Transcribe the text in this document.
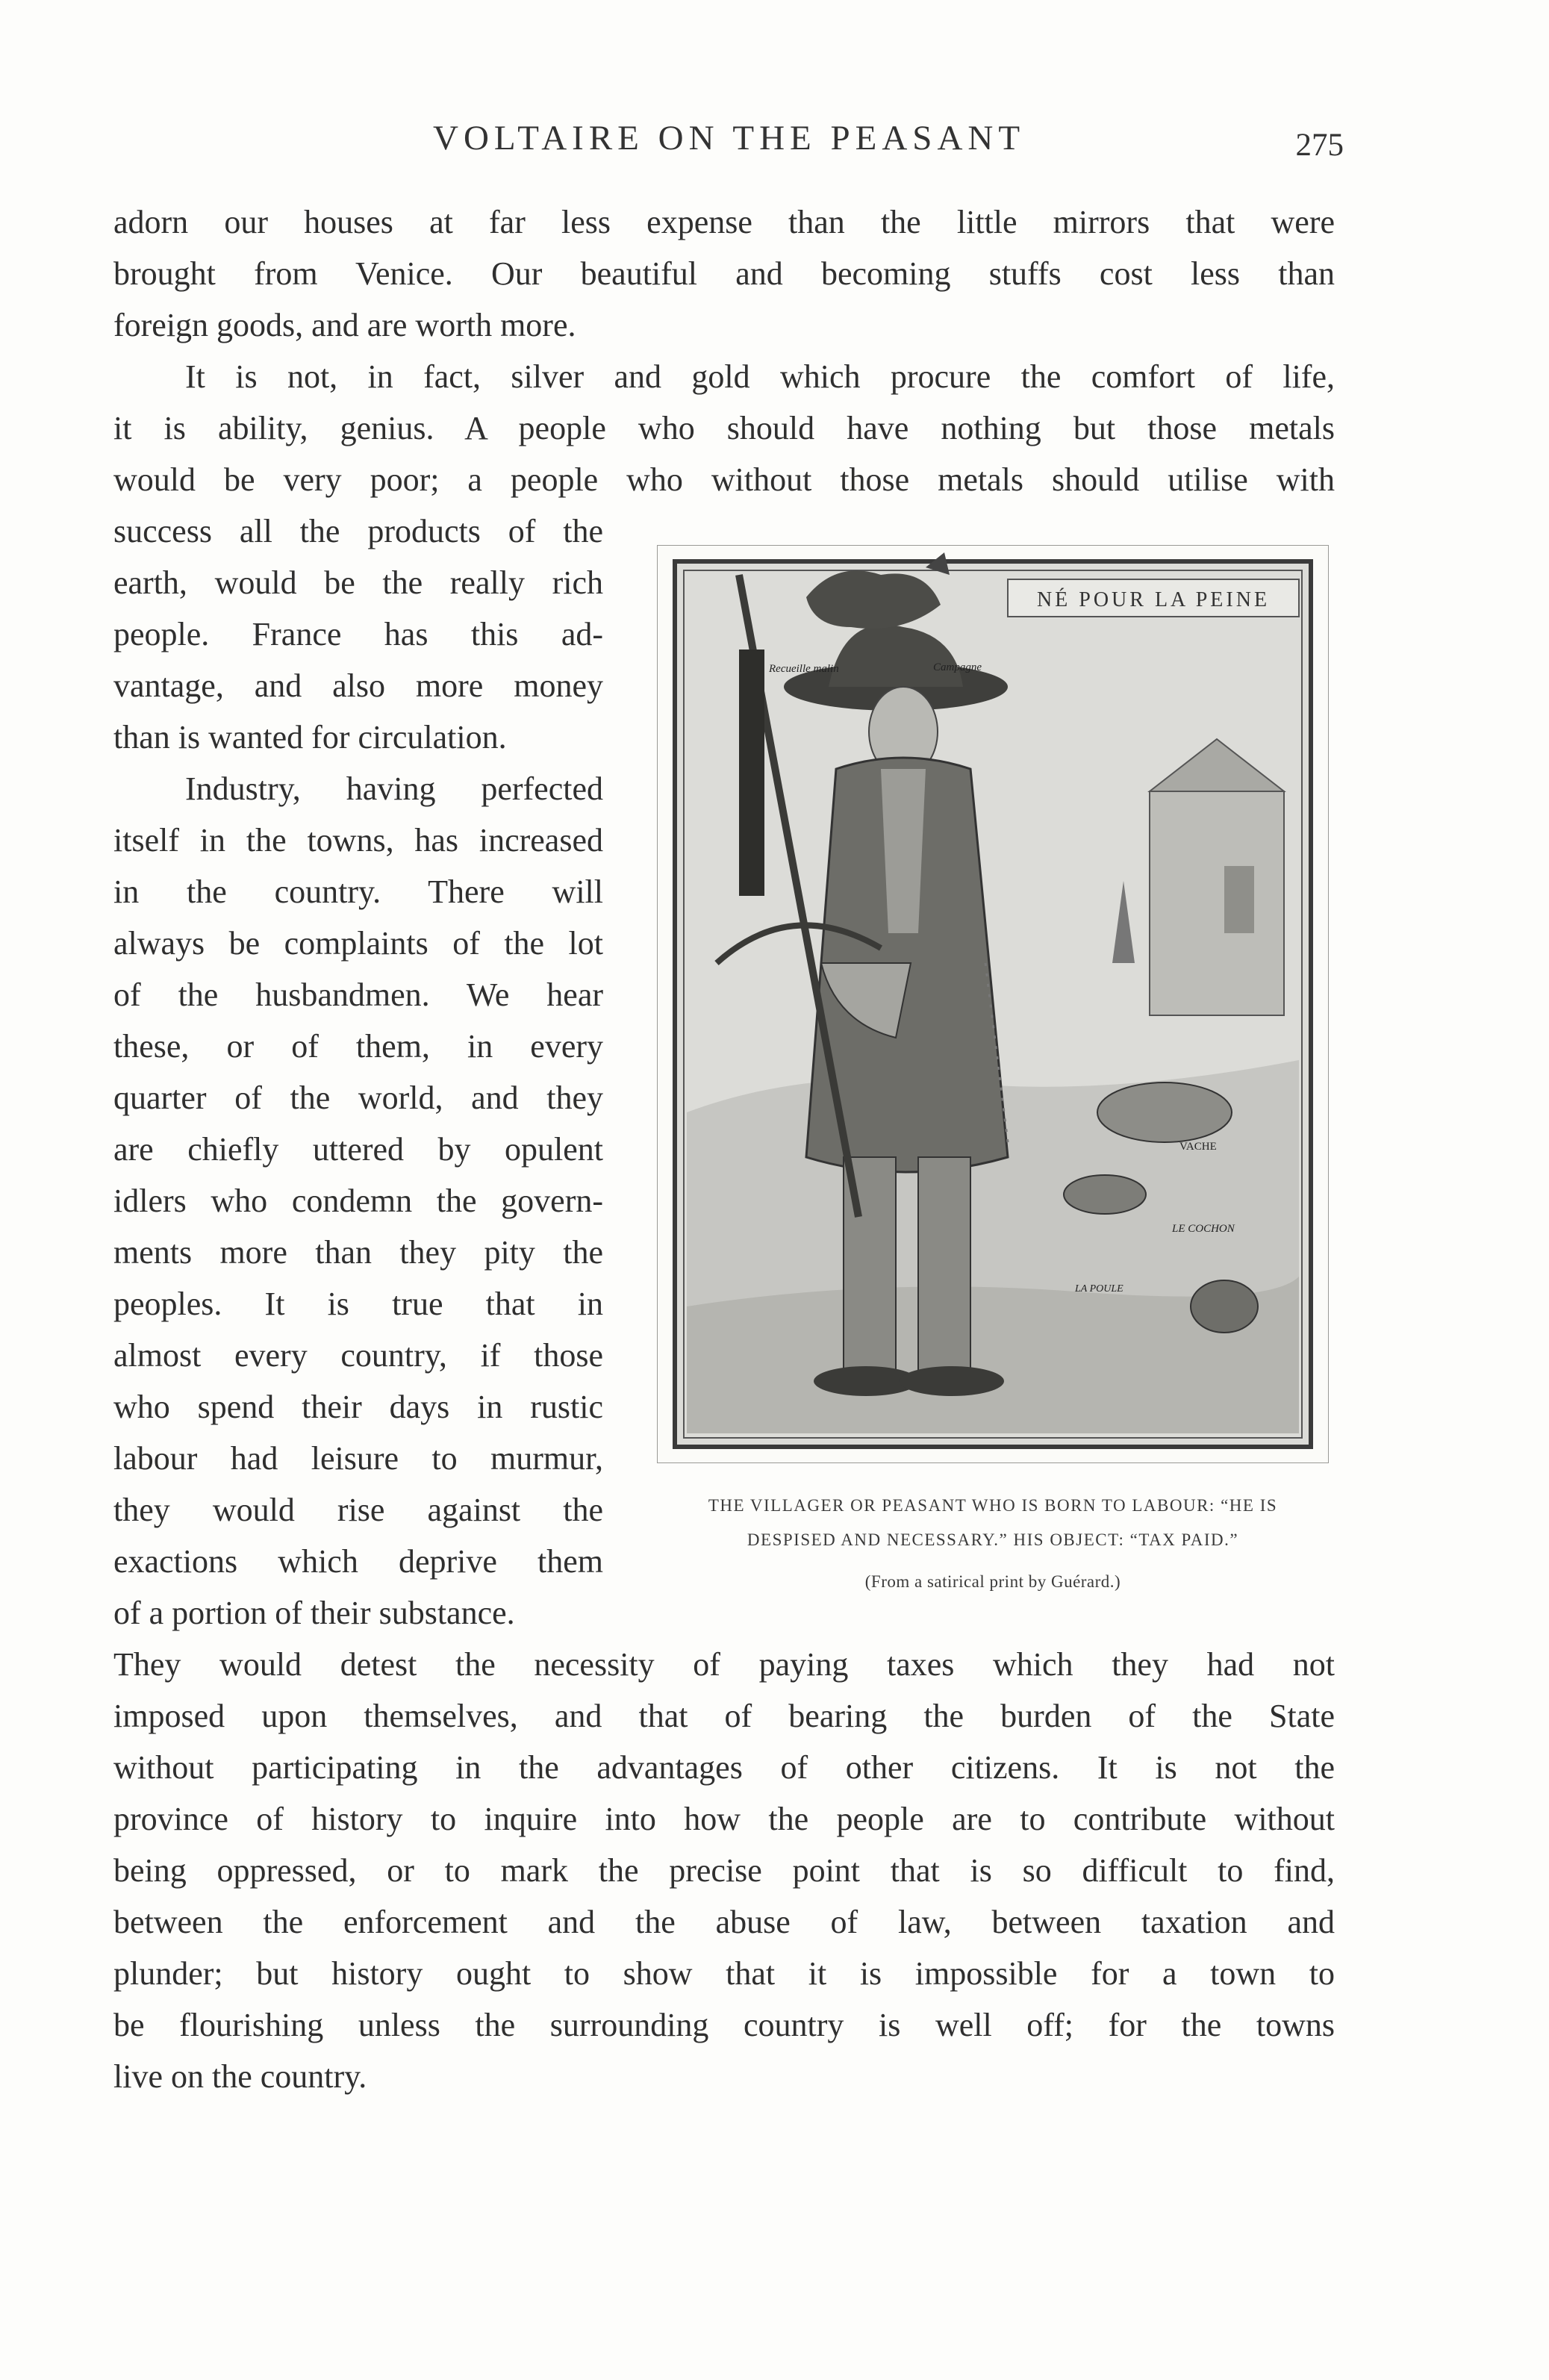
VOLTAIRE ON THE PEASANT	275

adorn our houses at far less expense than the little mirrors that were

brought from Venice. Our beautiful and becoming stuffs cost less than

foreign goods, and are worth more.

It is not, in fact, silver and gold which procure the comfort of life,

it is ability, genius. A people who should have nothing but those metals

would be very poor; a people who without those metals should utilise with

success all the products of the

earth, would be the really rich

people. France has this ad-

vantage, and also more money

than is wanted for circulation.

Industry, having perfected

itself in the towns, has increased

in the country. There will

always be complaints of the lot

of the husbandmen. We hear

these, or of them, in every

quarter of the world, and they

are chiefly uttered by opulent

idlers who condemn the govern-

ments more than they pity the

peoples. It is true that in

almost every country, if those

who spend their days in rustic

labour had leisure to murmur,

they would rise against the

exactions which deprive them

of a portion of their substance.

They would detest the necessity of paying taxes which they had not

imposed upon themselves, and that of bearing the burden of the State

without participating in the advantages of other citizens. It is not the

province of history to inquire into how the people are to contribute without

being oppressed, or to mark the precise point that is so difficult to find,

between the enforcement and the abuse of law, between taxation and

plunder; but history ought to show that it is impossible for a town to

be flourishing unless the surrounding country is well off; for the towns

live on the country.

NÉ POUR LA PEINE
Recueille malin	Campagne
VACHE
LE COCHON
LA POULE
THE VILLAGER OR PEASANT WHO IS BORN TO LABOUR: “HE IS
DESPISED AND NECESSARY.” HIS OBJECT: “TAX PAID.”
(From a satirical print by Guérard.)
